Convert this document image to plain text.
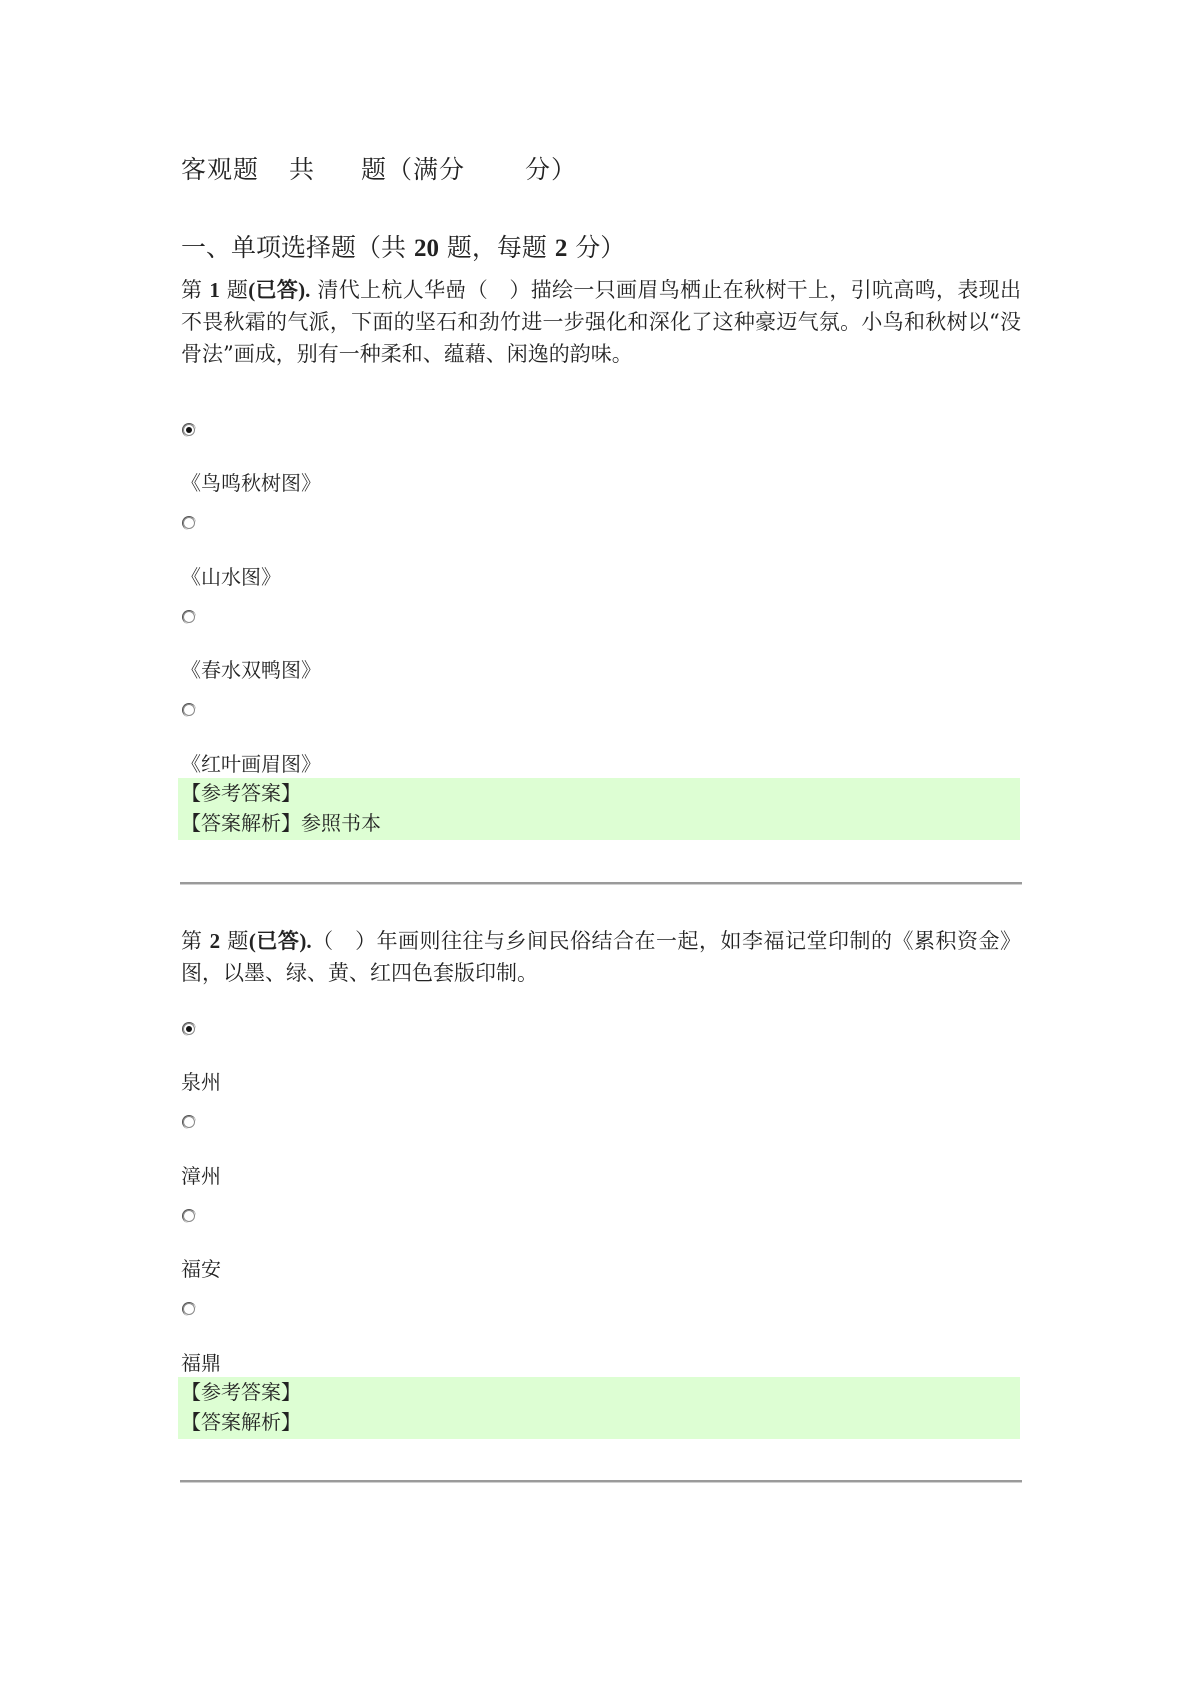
客观题 共 题（满分 分）
一、单项选择题（共 20 题，每题 2 分）
第 1 题(已答). 清代上杭人华喦（　）描绘一只画眉鸟栖止在秋树干上，引吭高鸣，表现出不畏秋霜的气派，下面的坚石和劲竹进一步强化和深化了这种豪迈气氛。小鸟和秋树以“没骨法”画成，别有一种柔和、蕴藉、闲逸的韵味。
《鸟鸣秋树图》
《山水图》
《春水双鸭图》
《红叶画眉图》
【参考答案】
【答案解析】参照书本
第 2 题(已答).（　）年画则往往与乡间民俗结合在一起，如李福记堂印制的《累积资金》图，以墨、绿、黄、红四色套版印制。
泉州
漳州
福安
福鼎
【参考答案】
【答案解析】
